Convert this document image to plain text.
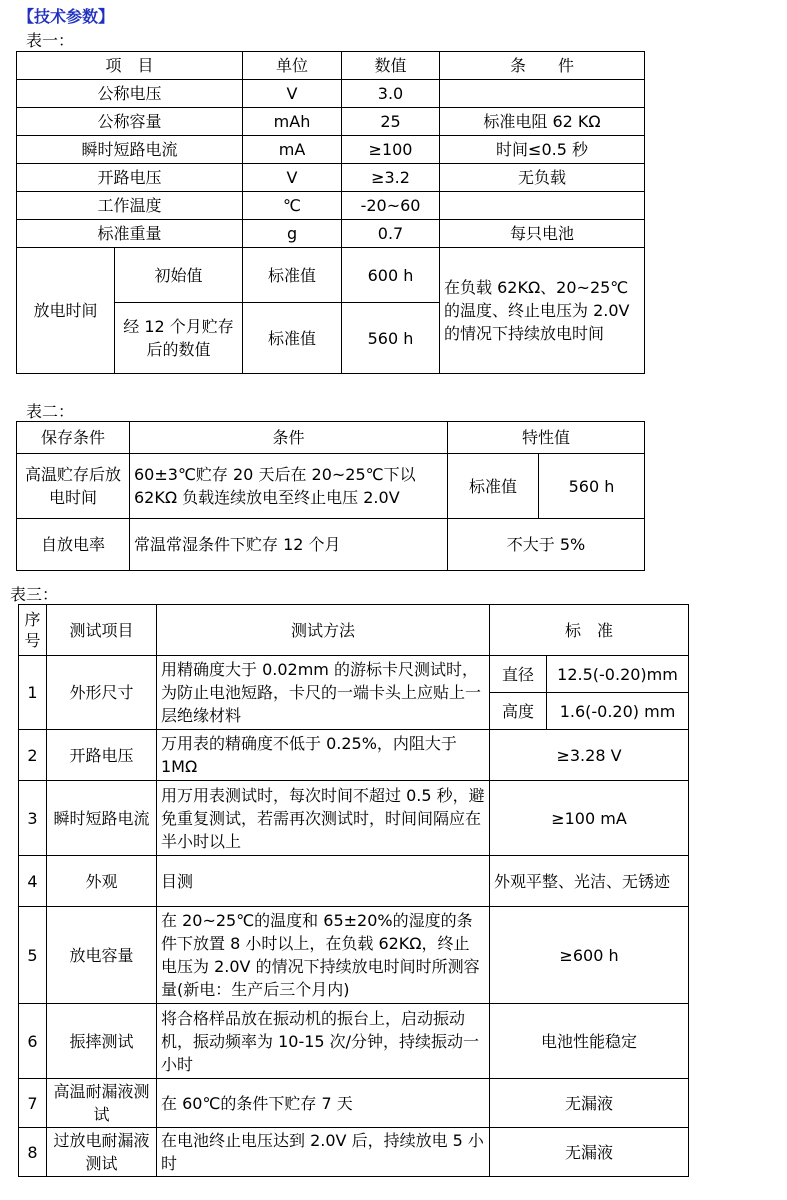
【技术参数】
表一：
项　目		单位	数值	条　　件
公称电压		V	3.0	
公称容量		mAh	25	标准电阻 62 KΩ
瞬时短路电流		mA	≥100	时间≤0.5 秒
开路电压		V	≥3.2	无负载
工作温度		℃	-20~60	
标准重量		g	0.7	每只电池
放电时间	初始值	标准值	600 h	在负载 62KΩ、20~25℃的温度、终止电压为 2.0V 的情况下持续放电时间
	经 12 个月贮存后的数值	标准值	560 h	
表二：
保存条件	条件	特性值	
高温贮存后放电时间	60±3℃贮存 20 天后在 20~25℃下以 62KΩ 负载连续放电至终止电压 2.0V	标准值	560 h
自放电率	常温常湿条件下贮存 12 个月	不大于 5%	
表三：
序号	测试项目	测试方法	标　准	
1	外形尺寸	用精确度大于 0.02mm 的游标卡尺测试时，为防止电池短路，卡尺的一端卡头上应贴上一层绝缘材料	直径	12.5(-0.20)mm
			高度	1.6(-0.20) mm
2	开路电压	万用表的精确度不低于 0.25%，内阻大于 1MΩ	≥3.28 V	
3	瞬时短路电流	用万用表测试时，每次时间不超过 0.5 秒，避免重复测试，若需再次测试时，时间间隔应在半小时以上	≥100 mA	
4	外观	目测	外观平整、光洁、无锈迹	
5	放电容量	在 20~25℃的温度和 65±20%的湿度的条件下放置 8 小时以上，在负载 62KΩ，终止电压为 2.0V 的情况下持续放电时间时所测容量(新电：生产后三个月内)	≥600 h	
6	振摔测试	将合格样品放在振动机的振台上，启动振动机，振动频率为 10-15 次/分钟，持续振动一小时	电池性能稳定	
7	高温耐漏液测试	在 60℃的条件下贮存 7 天	无漏液	
8	过放电耐漏液测试	在电池终止电压达到 2.0V 后，持续放电 5 小时	无漏液	
